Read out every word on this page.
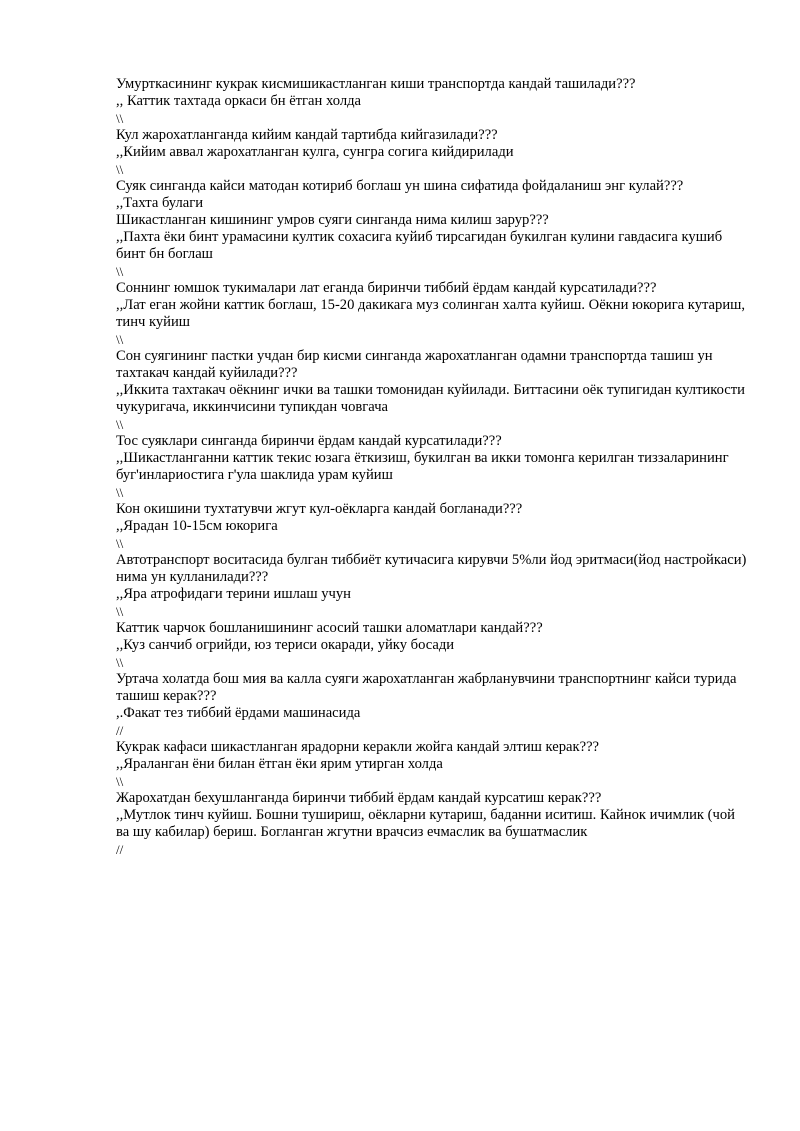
Умурткасининг кукрак кисмишикастланган киши транспортда кандай ташилади???

,, Каттик тахтада оркаси бн ётган холда

\\

Кул жарохатланганда кийим кандай тартибда кийгазилади???

,,Кийим аввал жарохатланган кулга, сунгра согига кийдирилади

\\

Суяк синганда кайси матодан котириб боглаш ун шина сифатида фойдаланиш энг кулай???

,,Тахта булаги

Шикастланган кишининг умров суяги синганда нима килиш зарур???

,,Пахта ёки бинт урамасини култик сохасига куйиб тирсагидан букилган кулини гавдасига кушиб бинт бн боглаш

\\

Соннинг юмшок тукималари лат еганда биринчи тиббий ёрдам кандай курсатилади???

,,Лат еган жойни каттик боглаш, 15-20 дакикага муз солинган халта куйиш. Оёкни юкорига кутариш, тинч куйиш

\\

Сон суягининг пастки учдан бир кисми синганда жарохатланган одамни транспортда ташиш ун тахтакач кандай куйилади???

,,Иккита тахтакач оёкнинг ички ва ташки томонидан куйилади. Биттасини оёк тупигидан култикости чукуригача, иккинчисини тупикдан човгача

\\

Тос суяклари синганда биринчи ёрдам кандай курсатилади???

,,Шикастланганни каттик текис юзага ёткизиш, букилган ва икки томонга керилган тиззаларининг буг'инлариостига г'ула шаклида урам куйиш

\\

Кон окишини тухтатувчи жгут кул-оёкларга кандай богланади???

,,Ярадан 10-15см юкорига

\\

Автотранспорт воситасида булган тиббиёт кутичасига кирувчи 5%ли йод эритмаси(йод настройкаси) нима ун кулланилади???

,,Яра атрофидаги терини ишлаш учун

\\

Каттик чарчок бошланишининг асосий ташки аломатлари кандай???

,,Куз санчиб огрийди, юз териси окаради, уйку босади

\\

Уртача холатда бош мия ва калла суяги жарохатланган жабрланувчини транспортнинг кайси турида ташиш керак???

,.Факат тез тиббий ёрдами машинасида

//

Кукрак кафаси шикастланган ярадорни керакли жойга кандай элтиш керак???

,,Яраланган ёни билан ётган ёки ярим утирган холда

\\

Жарохатдан бехушланганда биринчи тиббий ёрдам кандай курсатиш керак???

,,Мутлок тинч куйиш. Бошни тушириш, оёкларни кутариш, баданни иситиш. Кайнок ичимлик (чой ва шу кабилар) бериш. Богланган жгутни врачсиз ечмаслик ва бушатмаслик

//
